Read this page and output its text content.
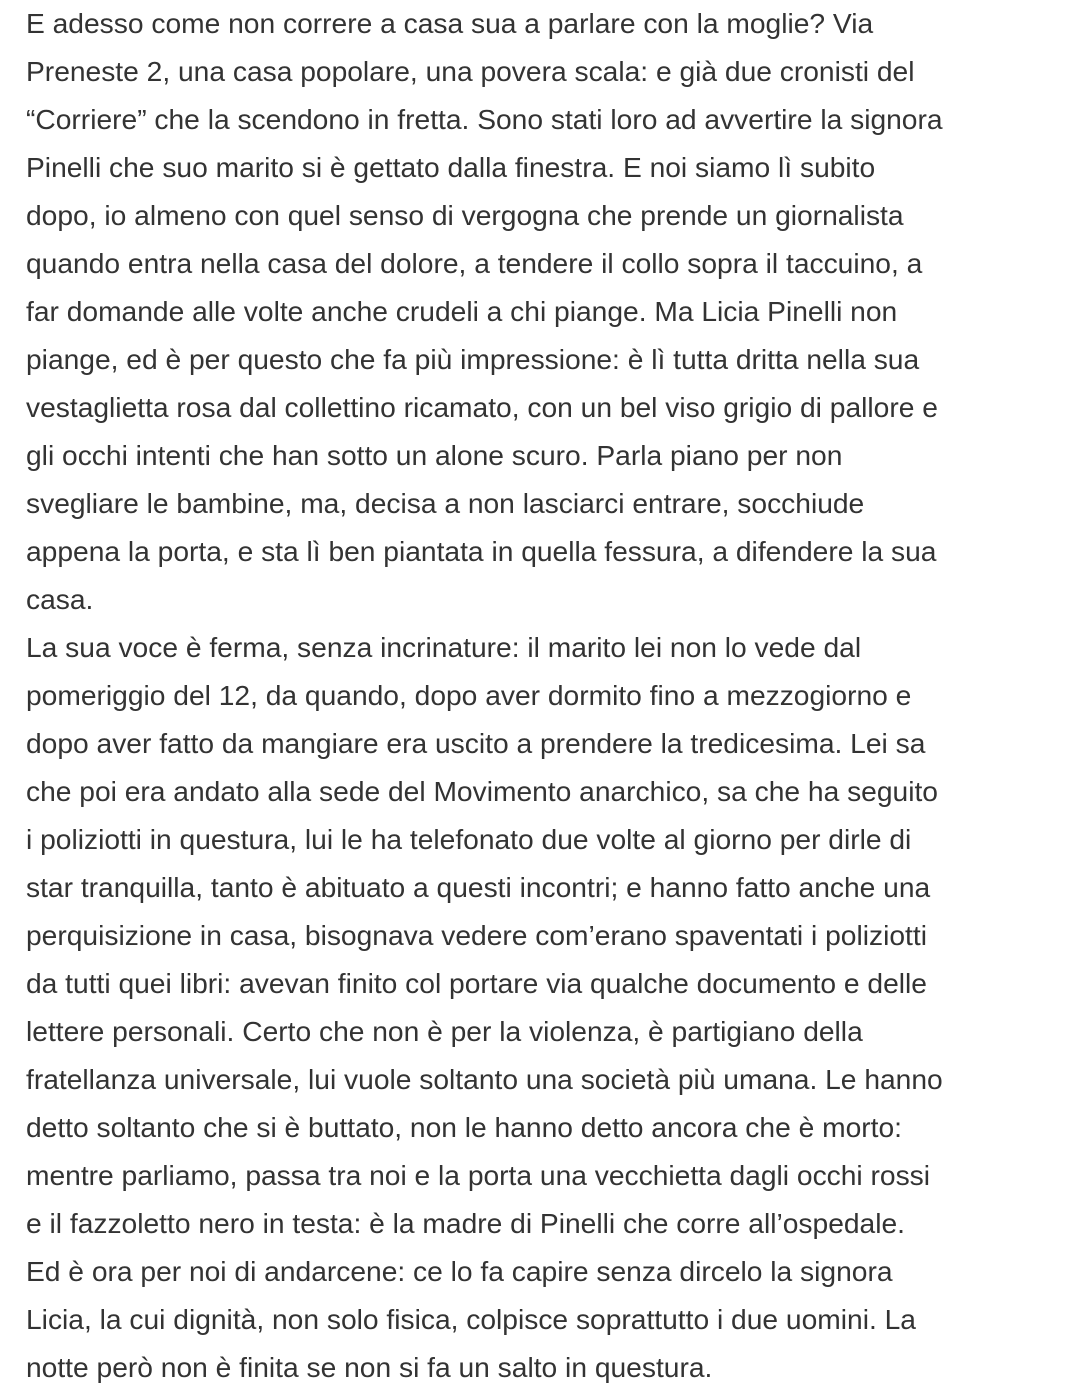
E adesso come non correre a casa sua a parlare con la moglie? Via
Preneste 2, una casa popolare, una povera scala: e già due cronisti del
“Corriere” che la scendono in fretta. Sono stati loro ad avvertire la signora
Pinelli che suo marito si è gettato dalla finestra. E noi siamo lì subito
dopo, io almeno con quel senso di vergogna che prende un giornalista
quando entra nella casa del dolore, a tendere il collo sopra il taccuino, a
far domande alle volte anche crudeli a chi piange. Ma Licia Pinelli non
piange, ed è per questo che fa più impressione: è lì tutta dritta nella sua
vestaglietta rosa dal collettino ricamato, con un bel viso grigio di pallore e
gli occhi intenti che han sotto un alone scuro. Parla piano per non
svegliare le bambine, ma, decisa a non lasciarci entrare, socchiude
appena la porta, e sta lì ben piantata in quella fessura, a difendere la sua
casa.

La sua voce è ferma, senza incrinature: il marito lei non lo vede dal
pomeriggio del 12, da quando, dopo aver dormito fino a mezzogiorno e
dopo aver fatto da mangiare era uscito a prendere la tredicesima. Lei sa
che poi era andato alla sede del Movimento anarchico, sa che ha seguito
i poliziotti in questura, lui le ha telefonato due volte al giorno per dirle di
star tranquilla, tanto è abituato a questi incontri; e hanno fatto anche una
perquisizione in casa, bisognava vedere com’erano spaventati i poliziotti
da tutti quei libri: avevan finito col portare via qualche documento e delle
lettere personali. Certo che non è per la violenza, è partigiano della
fratellanza universale, lui vuole soltanto una società più umana. Le hanno
detto soltanto che si è buttato, non le hanno detto ancora che è morto:
mentre parliamo, passa tra noi e la porta una vecchietta dagli occhi rossi
e il fazzoletto nero in testa: è la madre di Pinelli che corre all’ospedale.
Ed è ora per noi di andarcene: ce lo fa capire senza dircelo la signora
Licia, la cui dignità, non solo fisica, colpisce soprattutto i due uomini. La
notte però non è finita se non si fa un salto in questura.
